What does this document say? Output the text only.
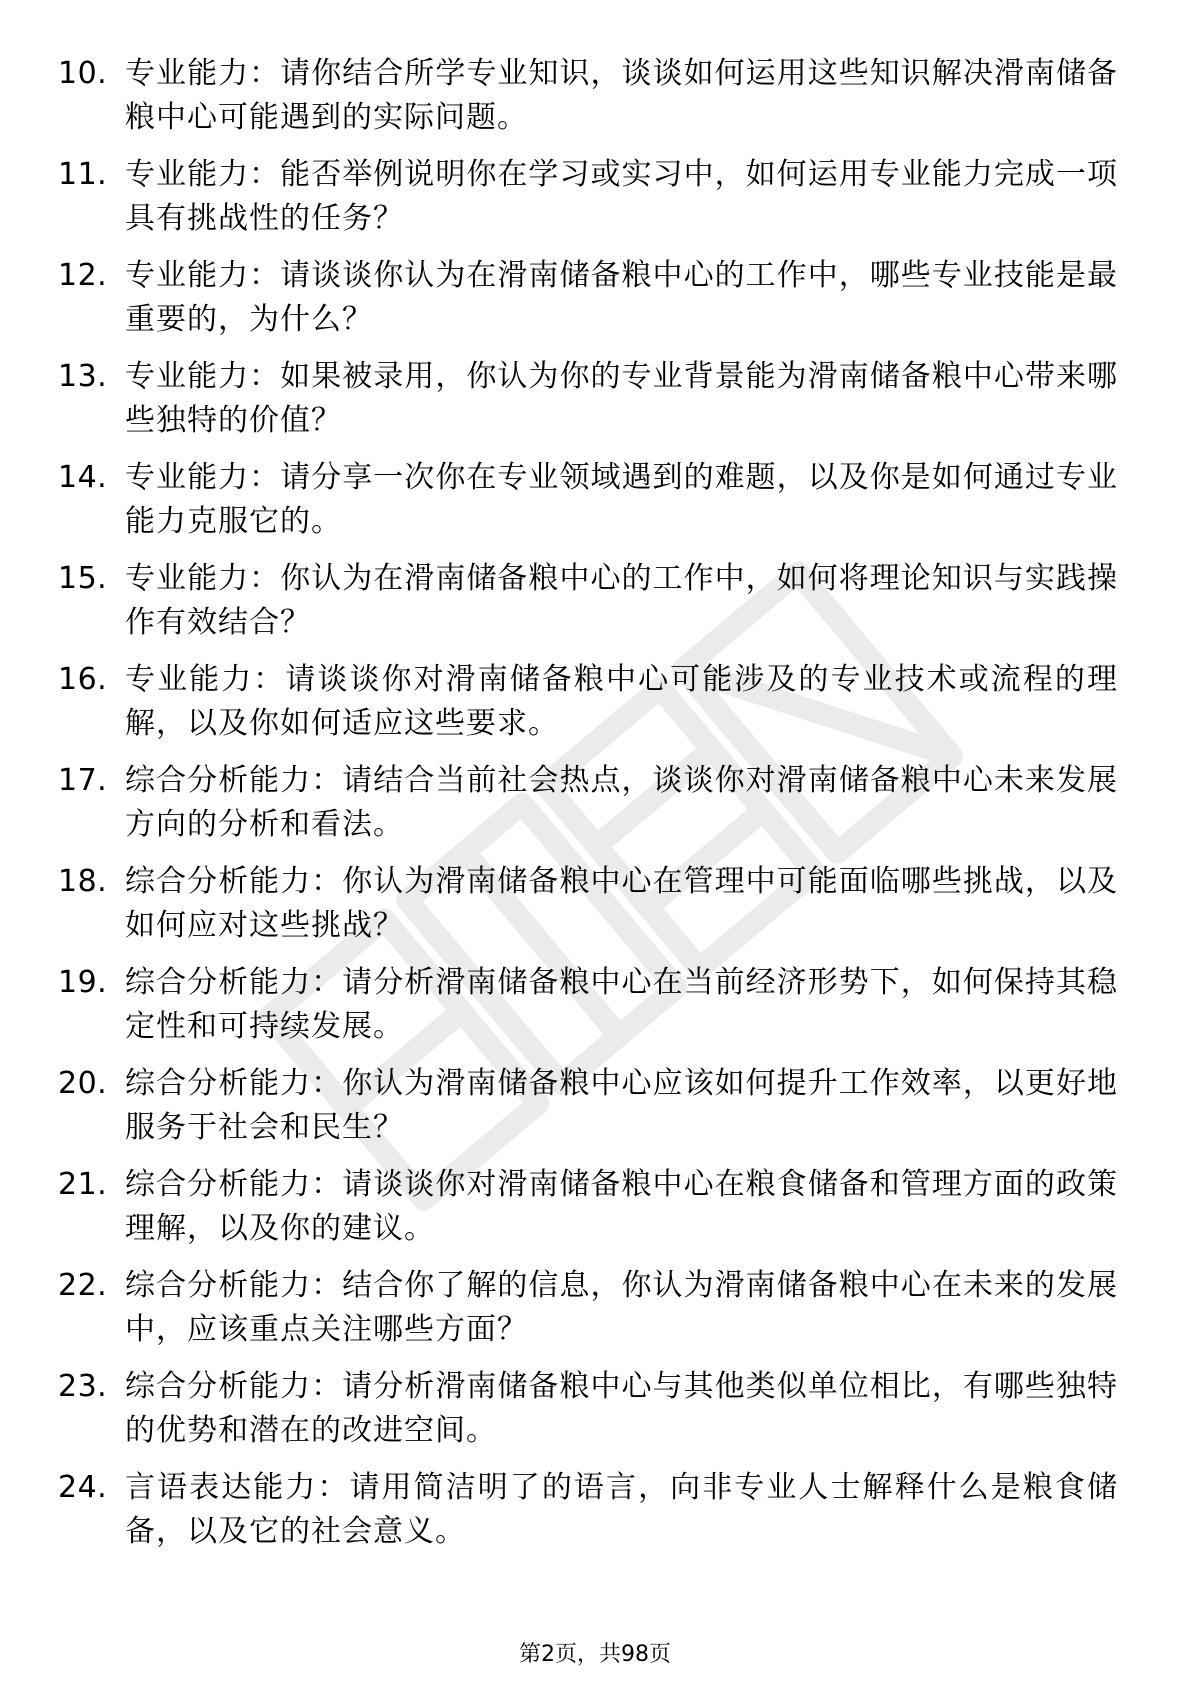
10. 专业能力：请你结合所学专业知识，谈谈如何运用这些知识解决滑南储备粮中心可能遇到的实际问题。
11. 专业能力：能否举例说明你在学习或实习中，如何运用专业能力完成一项具有挑战性的任务？
12. 专业能力：请谈谈你认为在滑南储备粮中心的工作中，哪些专业技能是最重要的，为什么？
13. 专业能力：如果被录用，你认为你的专业背景能为滑南储备粮中心带来哪些独特的价值？
14. 专业能力：请分享一次你在专业领域遇到的难题，以及你是如何通过专业能力克服它的。
15. 专业能力：你认为在滑南储备粮中心的工作中，如何将理论知识与实践操作有效结合？
16. 专业能力：请谈谈你对滑南储备粮中心可能涉及的专业技术或流程的理解，以及你如何适应这些要求。
17. 综合分析能力：请结合当前社会热点，谈谈你对滑南储备粮中心未来发展方向的分析和看法。
18. 综合分析能力：你认为滑南储备粮中心在管理中可能面临哪些挑战，以及如何应对这些挑战？
19. 综合分析能力：请分析滑南储备粮中心在当前经济形势下，如何保持其稳定性和可持续发展。
20. 综合分析能力：你认为滑南储备粮中心应该如何提升工作效率，以更好地服务于社会和民生？
21. 综合分析能力：请谈谈你对滑南储备粮中心在粮食储备和管理方面的政策理解，以及你的建议。
22. 综合分析能力：结合你了解的信息，你认为滑南储备粮中心在未来的发展中，应该重点关注哪些方面？
23. 综合分析能力：请分析滑南储备粮中心与其他类似单位相比，有哪些独特的优势和潜在的改进空间。
24. 言语表达能力：请用简洁明了的语言，向非专业人士解释什么是粮食储备，以及它的社会意义。
第2页，共98页
